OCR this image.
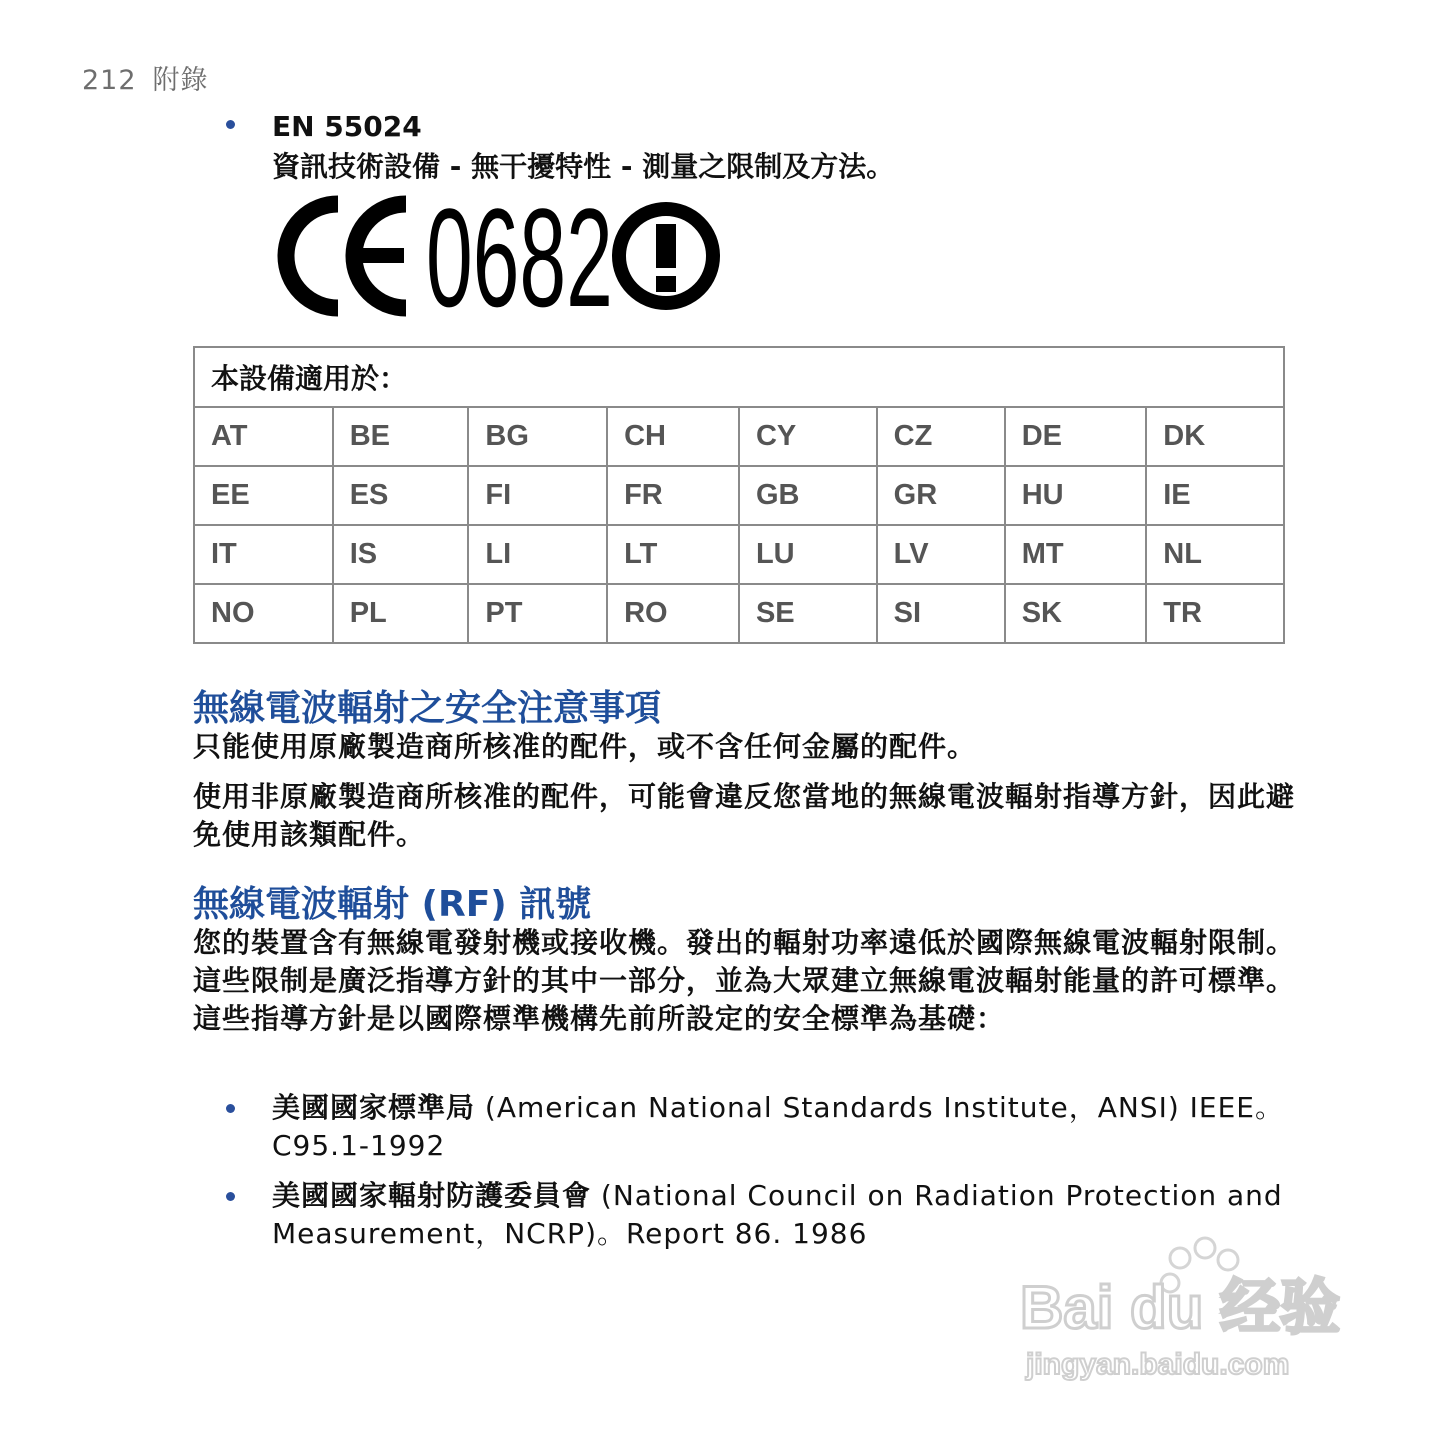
212 附錄
EN 55024
資訊技術設備 - 無干擾特性 - 測量之限制及方法。
0682
本設備適用於：							
AT	BE	BG	CH	CY	CZ	DE	DK
EE	ES	FI	FR	GB	GR	HU	IE
IT	IS	LI	LT	LU	LV	MT	NL
NO	PL	PT	RO	SE	SI	SK	TR
無線電波輻射之安全注意事項
只能使用原廠製造商所核准的配件，或不含任何金屬的配件。
使用非原廠製造商所核准的配件，可能會違反您當地的無線電波輻射指導方針，因此避免使用該類配件。
無線電波輻射 (RF) 訊號
您的裝置含有無線電發射機或接收機。發出的輻射功率遠低於國際無線電波輻射限制。這些限制是廣泛指導方針的其中一部分，並為大眾建立無線電波輻射能量的許可標準。這些指導方針是以國際標準機構先前所設定的安全標準為基礎：
美國國家標準局 (American National Standards Institute，ANSI) IEEE。C95.1-1992
美國國家輻射防護委員會 (National Council on Radiation Protection and Measurement，NCRP)。Report 86. 1986
Bai du 经验
jingyan.baidu.com
